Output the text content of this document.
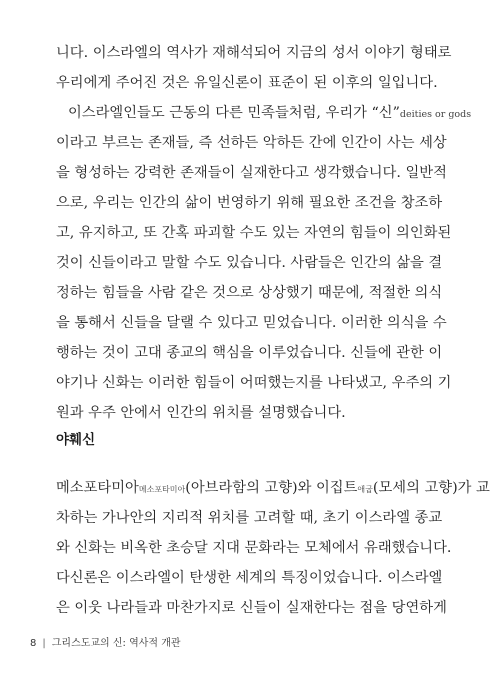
니다. 이스라엘의 역사가 재해석되어 지금의 성서 이야기 형태로

우리에게 주어진 것은 유일신론이 표준이 된 이후의 일입니다.

이스라엘인들도 근동의 다른 민족들처럼, 우리가 “신”deities or gods

이라고 부르는 존재들, 즉 선하든 악하든 간에 인간이 사는 세상

을 형성하는 강력한 존재들이 실재한다고 생각했습니다. 일반적

으로, 우리는 인간의 삶이 번영하기 위해 필요한 조건을 창조하

고, 유지하고, 또 간혹 파괴할 수도 있는 자연의 힘들이 의인화된

것이 신들이라고 말할 수도 있습니다. 사람들은 인간의 삶을 결

정하는 힘들을 사람 같은 것으로 상상했기 때문에, 적절한 의식

을 통해서 신들을 달랠 수 있다고 믿었습니다. 이러한 의식을 수

행하는 것이 고대 종교의 핵심을 이루었습니다. 신들에 관한 이

야기나 신화는 이러한 힘들이 어떠했는지를 나타냈고, 우주의 기

원과 우주 안에서 인간의 위치를 설명했습니다.

야훼신

메소포타미아메소포타미아(아브라함의 고향)와 이집트애굽(모세의 고향)가 교

차하는 가나안의 지리적 위치를 고려할 때, 초기 이스라엘 종교

와 신화는 비옥한 초승달 지대 문화라는 모체에서 유래했습니다.

다신론은 이스라엘이 탄생한 세계의 특징이었습니다. 이스라엘

은 이웃 나라들과 마찬가지로 신들이 실재한다는 점을 당연하게

8 | 그리스도교의 신: 역사적 개관
